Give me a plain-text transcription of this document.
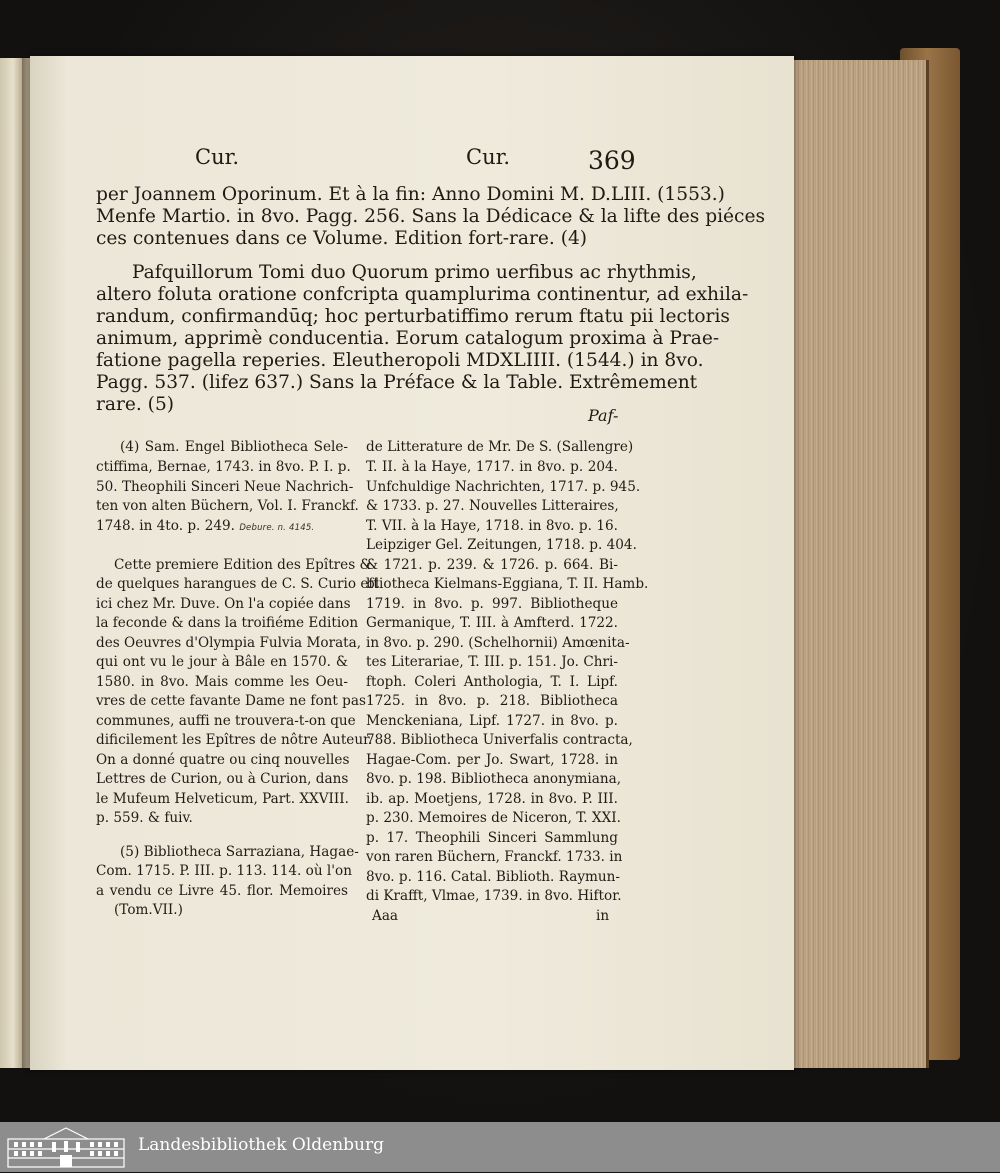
Cur.	Cur.	369
per Joannem Oporinum. Et à la fin: Anno Domini M. D.LIII. (1553.)
Menfe Martio. in 8vo. Pagg. 256. Sans la Dédicace & la lifte des piéces
ces contenues dans ce Volume. Edition fort-rare. (4)
Pafquillorum Tomi duo Quorum primo uerfibus ac rhythmis,
altero foluta oratione confcripta quamplurima continentur, ad exhila-
randum, confirmandūq; hoc perturbatiffimo rerum ftatu pii lectoris
animum, apprimè conducentia. Eorum catalogum proxima à Prae-
fatione pagella reperies. Eleutheropoli MDXLIIII. (1544.) in 8vo.
Pagg. 537. (lifez 637.) Sans la Préface & la Table. Extrêmement
rare. (5)
Paf-
(4) Sam. Engel Bibliotheca Sele-
ctiffima, Bernae, 1743. in 8vo. P. I. p.
50. Theophili Sinceri Neue Nachrich-
ten von alten Büchern, Vol. I. Franckf.
1748. in 4to. p. 249. Debure. n. 4145.
Cette premiere Edition des Epîtres &
de quelques harangues de C. S. Curio eft
ici chez Mr. Duve. On l'a copiée dans
la feconde & dans la troifiéme Edition
des Oeuvres d'Olympia Fulvia Morata,
qui ont vu le jour à Bâle en 1570. &
1580. in 8vo. Mais comme les Oeu-
vres de cette favante Dame ne font pas
communes, auffi ne trouvera-t-on que
dificilement les Epîtres de nôtre Auteur.
On a donné quatre ou cinq nouvelles
Lettres de Curion, ou à Curion, dans
le Mufeum Helveticum, Part. XXVIII.
p. 559. & fuiv.
(5) Bibliotheca Sarraziana, Hagae-
Com. 1715. P. III. p. 113. 114. où l'on
a vendu ce Livre 45. flor. Memoires
(Tom.VII.)
de Litterature de Mr. De S. (Sallengre)
T. II. à la Haye, 1717. in 8vo. p. 204.
Unfchuldige Nachrichten, 1717. p. 945.
& 1733. p. 27. Nouvelles Litteraires,
T. VII. à la Haye, 1718. in 8vo. p. 16.
Leipziger Gel. Zeitungen, 1718. p. 404.
& 1721. p. 239. & 1726. p. 664. Bi-
bliotheca Kielmans-Eggiana, T. II. Hamb.
1719. in 8vo. p. 997. Bibliotheque
Germanique, T. III. à Amfterd. 1722.
in 8vo. p. 290. (Schelhornii) Amœnita-
tes Literariae, T. III. p. 151. Jo. Chri-
ftoph. Coleri Anthologia, T. I. Lipf.
1725. in 8vo. p. 218. Bibliotheca
Menckeniana, Lipf. 1727. in 8vo. p.
788. Bibliotheca Univerfalis contracta,
Hagae-Com. per Jo. Swart, 1728. in
8vo. p. 198. Bibliotheca anonymiana,
ib. ap. Moetjens, 1728. in 8vo. P. III.
p. 230. Memoires de Niceron, T. XXI.
p. 17. Theophili Sinceri Sammlung
von raren Büchern, Franckf. 1733. in
8vo. p. 116. Catal. Biblioth. Raymun-
di Krafft, Vlmae, 1739. in 8vo. Hiftor.
Aaa	in
Landesbibliothek Oldenburg
